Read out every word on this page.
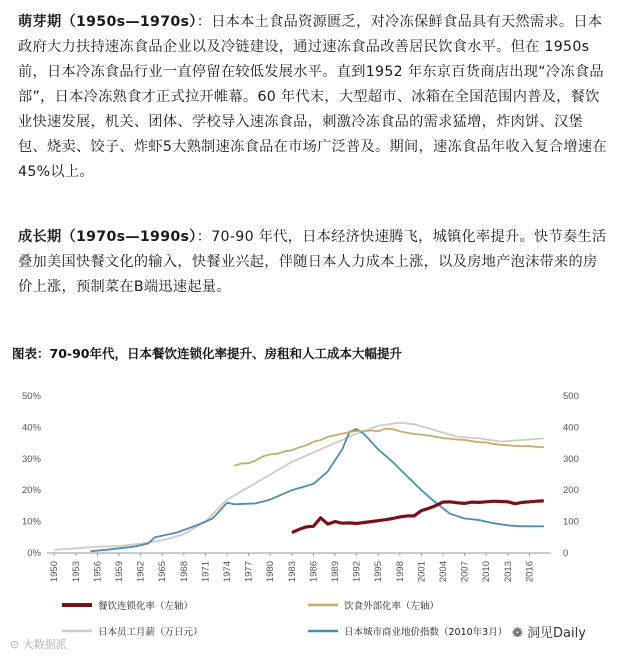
萌芽期（1950s—1970s）：日本本土食品资源匮乏，对冷冻保鲜食品具有天然需求。日本政府大力扶持速冻食品企业以及冷链建设，通过速冻食品改善居民饮食水平。但在 1950s 前，日本冷冻食品行业一直停留在较低发展水平。直到1952 年东京百货商店出现“冷冻食品部”，日本冷冻熟食才正式拉开帷幕。60 年代末，大型超市、冰箱在全国范围内普及，餐饮业快速发展，机关、团体、学校导入速冻食品，刺激冷冻食品的需求猛增，炸肉饼、汉堡包、烧卖、饺子、炸虾5大熟制速冻食品在市场广泛普及。期间，速冻食品年收入复合增速在45%以上。

成长期（1970s—1990s）：70-90 年代，日本经济快速腾飞，城镇化率提升。快节奏生活叠加美国快餐文化的输入，快餐业兴起，伴随日本人力成本上涨，以及房地产泡沫带来的房价上涨，预制菜在B端迅速起量。

图表：70-90年代，日本餐饮连锁化率提升、房租和人工成本大幅提升

0%
10%
20%
30%
40%
50%
0
100
200
300
400
500
1950 1953 1956 1959 1962 1965 1968 1971 1974 1977 1980 1983 1986 1989 1992 1995 1998 2001 2004 2007 2010 2013 2016
餐饮连锁化率（左轴）	饮食外部化率（左轴）
日本员工月薪（万日元）	日本城市商业地价指数（2010年3月）
⊙ 大数据派
❁ 洞见Daily
